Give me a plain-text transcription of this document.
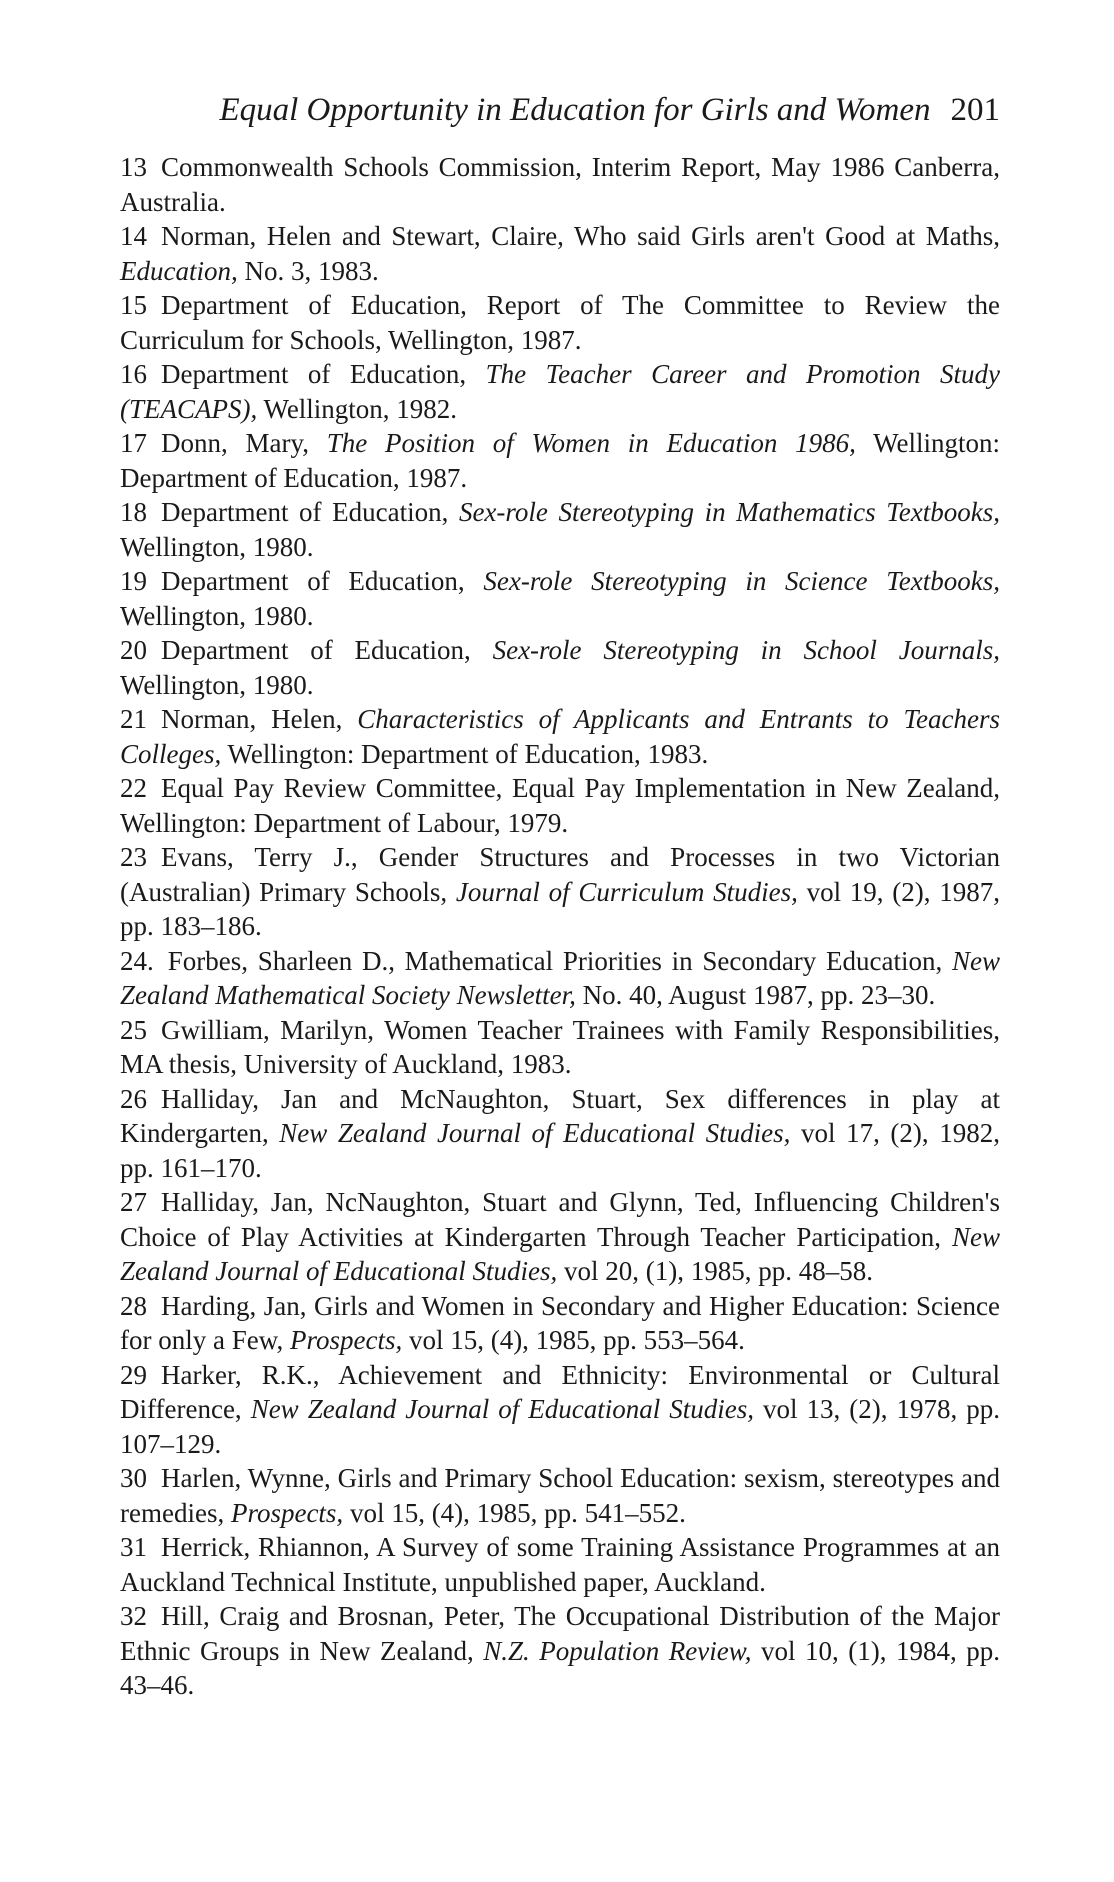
Equal Opportunity in Education for Girls and Women 201

13 Commonwealth Schools Commission, Interim Report, May 1986 Canberra, Australia.

14 Norman, Helen and Stewart, Claire, Who said Girls aren't Good at Maths, Education, No. 3, 1983.

15 Department of Education, Report of The Committee to Review the Curriculum for Schools, Wellington, 1987.

16 Department of Education, The Teacher Career and Promotion Study (TEACAPS), Wellington, 1982.

17 Donn, Mary, The Position of Women in Education 1986, Wellington: Department of Education, 1987.

18 Department of Education, Sex-role Stereotyping in Mathematics Textbooks, Wellington, 1980.

19 Department of Education, Sex-role Stereotyping in Science Textbooks, Wellington, 1980.

20 Department of Education, Sex-role Stereotyping in School Journals, Wellington, 1980.

21 Norman, Helen, Characteristics of Applicants and Entrants to Teachers Colleges, Wellington: Department of Education, 1983.

22 Equal Pay Review Committee, Equal Pay Implementation in New Zealand, Wellington: Department of Labour, 1979.

23 Evans, Terry J., Gender Structures and Processes in two Victorian (Australian) Primary Schools, Journal of Curriculum Studies, vol 19, (2), 1987, pp. 183–186.

24. Forbes, Sharleen D., Mathematical Priorities in Secondary Education, New Zealand Mathematical Society Newsletter, No. 40, August 1987, pp. 23–30.

25 Gwilliam, Marilyn, Women Teacher Trainees with Family Responsibilities, MA thesis, University of Auckland, 1983.

26 Halliday, Jan and McNaughton, Stuart, Sex differences in play at Kindergarten, New Zealand Journal of Educational Studies, vol 17, (2), 1982, pp. 161–170.

27 Halliday, Jan, NcNaughton, Stuart and Glynn, Ted, Influencing Children's Choice of Play Activities at Kindergarten Through Teacher Participation, New Zealand Journal of Educational Studies, vol 20, (1), 1985, pp. 48–58.

28 Harding, Jan, Girls and Women in Secondary and Higher Education: Science for only a Few, Prospects, vol 15, (4), 1985, pp. 553–564.

29 Harker, R.K., Achievement and Ethnicity: Environmental or Cultural Difference, New Zealand Journal of Educational Studies, vol 13, (2), 1978, pp. 107–129.

30 Harlen, Wynne, Girls and Primary School Education: sexism, stereotypes and remedies, Prospects, vol 15, (4), 1985, pp. 541–552.

31 Herrick, Rhiannon, A Survey of some Training Assistance Programmes at an Auckland Technical Institute, unpublished paper, Auckland.

32 Hill, Craig and Brosnan, Peter, The Occupational Distribution of the Major Ethnic Groups in New Zealand, N.Z. Population Review, vol 10, (1), 1984, pp. 43–46.
